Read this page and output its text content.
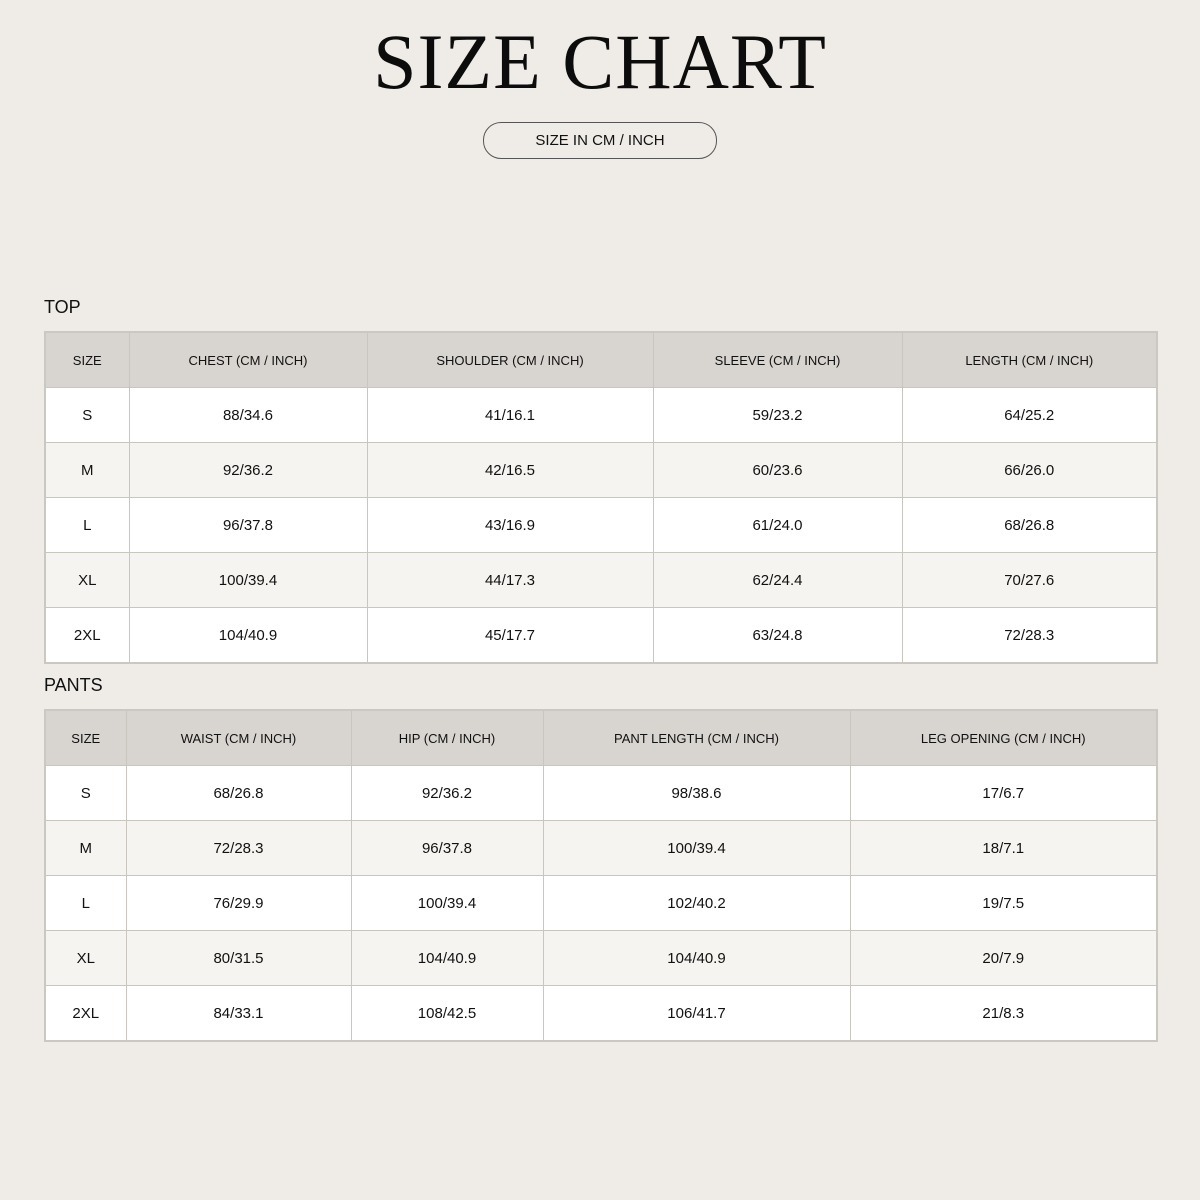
SIZE CHART
SIZE IN CM / INCH
TOP
SIZE	CHEST (CM / INCH)	SHOULDER (CM / INCH)	SLEEVE (CM / INCH)	LENGTH (CM / INCH)
S	88/34.6	41/16.1	59/23.2	64/25.2
M	92/36.2	42/16.5	60/23.6	66/26.0
L	96/37.8	43/16.9	61/24.0	68/26.8
XL	100/39.4	44/17.3	62/24.4	70/27.6
2XL	104/40.9	45/17.7	63/24.8	72/28.3
PANTS
SIZE	WAIST (CM / INCH)	HIP (CM / INCH)	PANT LENGTH (CM / INCH)	LEG OPENING (CM / INCH)
S	68/26.8	92/36.2	98/38.6	17/6.7
M	72/28.3	96/37.8	100/39.4	18/7.1
L	76/29.9	100/39.4	102/40.2	19/7.5
XL	80/31.5	104/40.9	104/40.9	20/7.9
2XL	84/33.1	108/42.5	106/41.7	21/8.3
